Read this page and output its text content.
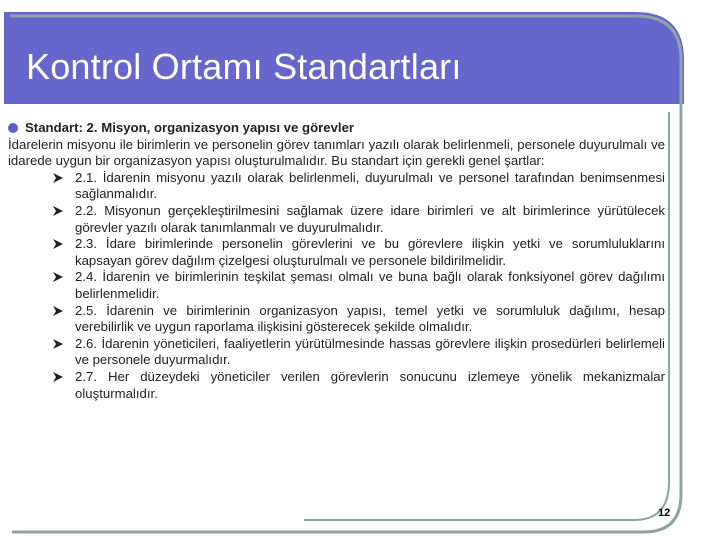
Kontrol Ortamı Standartları
Standart: 2. Misyon, organizasyon yapısı ve görevler

İdarelerin misyonu ile birimlerin ve personelin görev tanımları yazılı olarak belirlenmeli, personele duyurulmalı ve idarede uygun bir organizasyon yapısı oluşturulmalıdır. Bu standart için gerekli genel şartlar:

2.1. İdarenin misyonu yazılı olarak belirlenmeli, duyurulmalı ve personel tarafından benimsenmesi sağlanmalıdır.
2.2. Misyonun gerçekleştirilmesini sağlamak üzere idare birimleri ve alt birimlerince yürütülecek görevler yazılı olarak tanımlanmalı ve duyurulmalıdır.
2.3. İdare birimlerinde personelin görevlerini ve bu görevlere ilişkin yetki ve sorumluluklarını kapsayan görev dağılım çizelgesi oluşturulmalı ve personele bildirilmelidir.
2.4. İdarenin ve birimlerinin teşkilat şeması olmalı ve buna bağlı olarak fonksiyonel görev dağılımı belirlenmelidir.
2.5. İdarenin ve birimlerinin organizasyon yapısı, temel yetki ve sorumluluk dağılımı, hesap verebilirlik ve uygun raporlama ilişkisini gösterecek şekilde olmalıdır.
2.6. İdarenin yöneticileri, faaliyetlerin yürütülmesinde hassas görevlere ilişkin prosedürleri belirlemeli ve personele duyurmalıdır.
2.7. Her düzeydeki yöneticiler verilen görevlerin sonucunu izlemeye yönelik mekanizmalar oluşturmalıdır.
12
